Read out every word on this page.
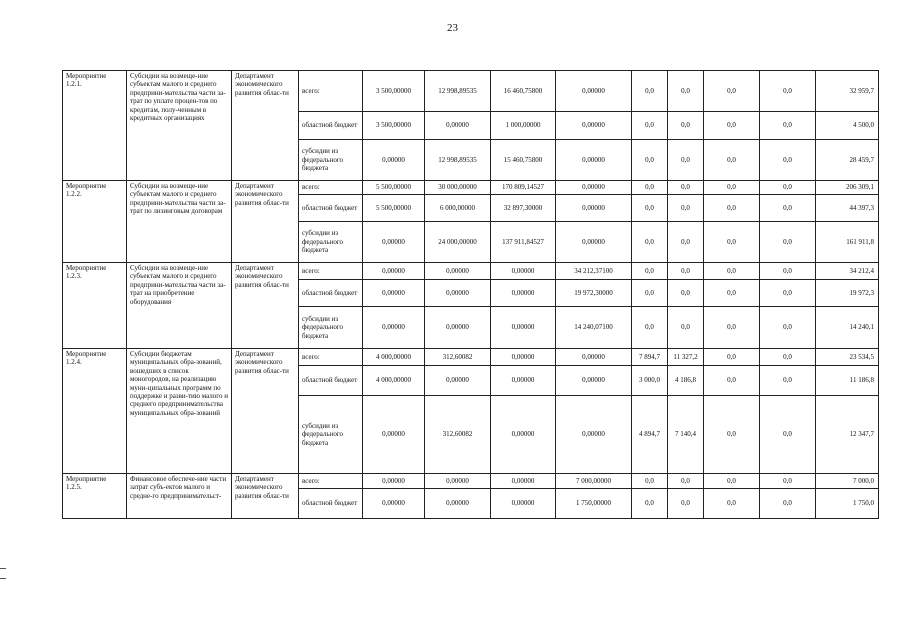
23
Мероприятие 1.2.1.	Субсидии на возмеще-ние субъектам малого и среднего предприни-мательства части за-трат по уплате процен-тов по кредитам, полу-ченным в кредитных организациях	Департамент экономического развития облас-ти	всего:	3 500,00000	12 998,89535	16 460,75800	0,00000	0,0	0,0	0,0	0,0	32 959,7
			областной бюджет	3 500,00000	0,00000	1 000,00000	0,00000	0,0	0,0	0,0	0,0	4 500,0
			субсидии из федерального бюджета	0,00000	12 998,89535	15 460,75800	0,00000	0,0	0,0	0,0	0,0	28 459,7
Мероприятие 1.2.2.	Субсидии на возмеще-ние субъектам малого и среднего предприни-мательства части за-трат по лизинговым договорам	Департамент экономического развития облас-ти	всего:	5 500,00000	30 000,00000	170 809,14527	0,00000	0,0	0,0	0,0	0,0	206 309,1
			областной бюджет	5 500,00000	6 000,00000	32 897,30000	0,00000	0,0	0,0	0,0	0,0	44 397,3
			субсидии из федерального бюджета	0,00000	24 000,00000	137 911,84527	0,00000	0,0	0,0	0,0	0,0	161 911,8
Мероприятие 1.2.3.	Субсидии на возмеще-ние субъектам малого и среднего предприни-мательства части за-трат на приобретение оборудования	Департамент экономического развития облас-ти	всего:	0,00000	0,00000	0,00000	34 212,37100	0,0	0,0	0,0	0,0	34 212,4
			областной бюджет	0,00000	0,00000	0,00000	19 972,30000	0,0	0,0	0,0	0,0	19 972,3
			субсидии из федерального бюджета	0,00000	0,00000	0,00000	14 240,07100	0,0	0,0	0,0	0,0	14 240,1
Мероприятие 1.2.4.	Субсидии бюджетам муниципальных обра-зований, вошедших в список моногородов, на реализацию муни-ципальных программ по поддержке и разви-тию малого и среднего предпринимательства муниципальных обра-зований	Департамент экономического развития облас-ти	всего:	4 000,00000	312,60082	0,00000	0,00000	7 894,7	11 327,2	0,0	0,0	23 534,5
			областной бюджет	4 000,00000	0,00000	0,00000	0,00000	3 000,0	4 186,8	0,0	0,0	11 186,8
			субсидии из федерального бюджета	0,00000	312,60082	0,00000	0,00000	4 894,7	7 140,4	0,0	0,0	12 347,7
Мероприятие 1.2.5.	Финансовое обеспече-ние части затрат субъ-ектов малого и средне-го предпринимательст-	Департамент экономического развития облас-ти	всего:	0,00000	0,00000	0,00000	7 000,00000	0,0	0,0	0,0	0,0	7 000,0
			областной бюджет	0,00000	0,00000	0,00000	1 750,00000	0,0	0,0	0,0	0,0	1 750,0
